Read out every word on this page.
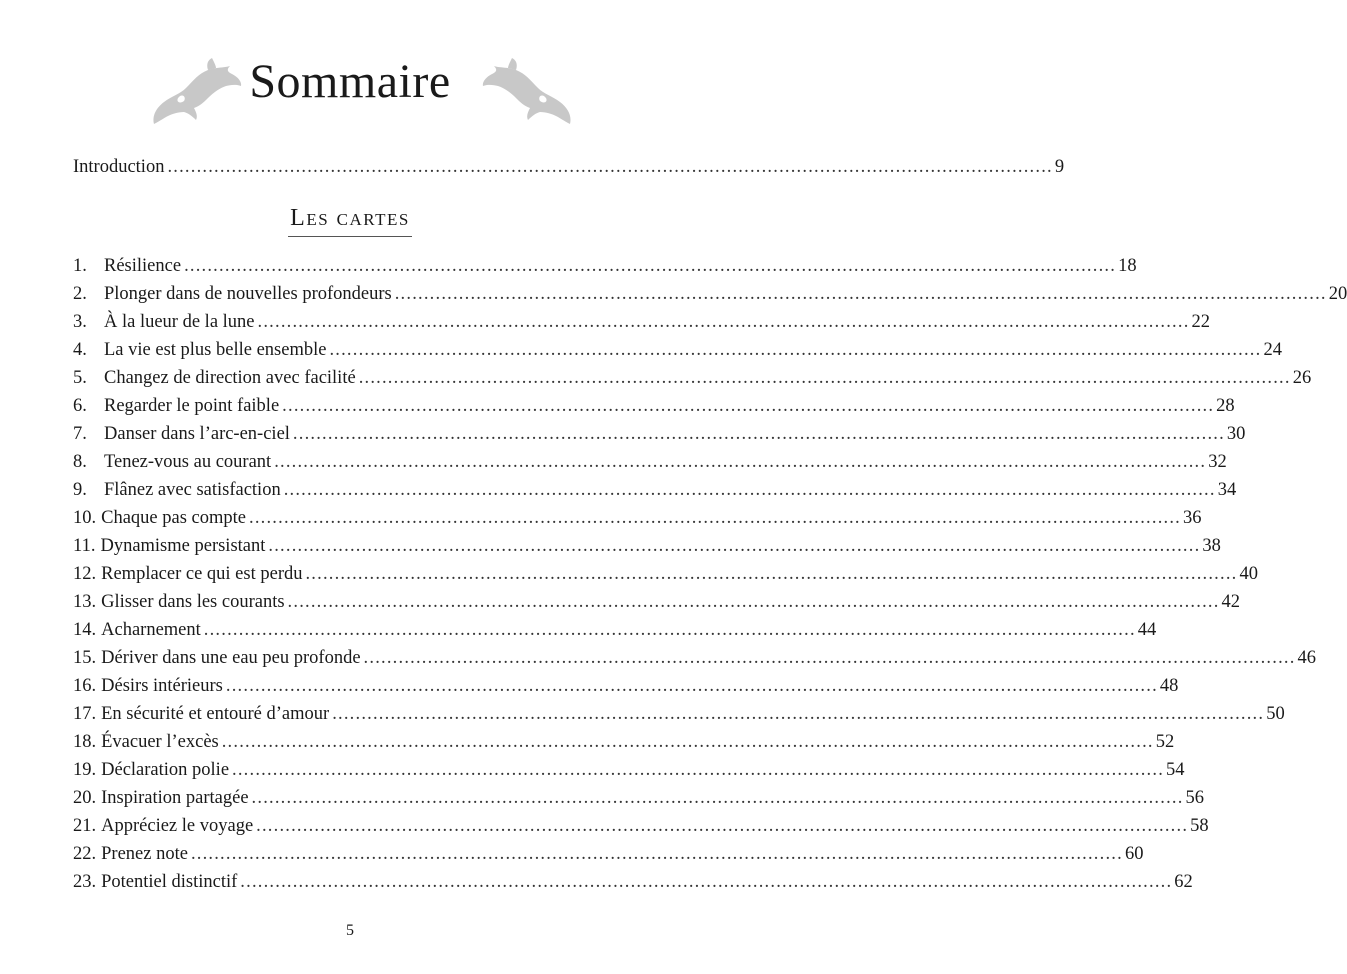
Sommaire
Introduction ........................................................................................................................................................ 9
Les cartes
1. Résilience ................................................................................................................................................................ 18
2. Plonger dans de nouvelles profondeurs ................................................................................................................................................................ 20
3. À la lueur de la lune ................................................................................................................................................................ 22
4. La vie est plus belle ensemble ................................................................................................................................................................ 24
5. Changez de direction avec facilité ................................................................................................................................................................ 26
6. Regarder le point faible ................................................................................................................................................................ 28
7. Danser dans l’arc-en-ciel ................................................................................................................................................................ 30
8. Tenez-vous au courant ................................................................................................................................................................ 32
9. Flânez avec satisfaction ................................................................................................................................................................ 34
10. Chaque pas compte ................................................................................................................................................................ 36
11. Dynamisme persistant ................................................................................................................................................................ 38
12. Remplacer ce qui est perdu ................................................................................................................................................................ 40
13. Glisser dans les courants ................................................................................................................................................................ 42
14. Acharnement ................................................................................................................................................................ 44
15. Dériver dans une eau peu profonde ................................................................................................................................................................ 46
16. Désirs intérieurs ................................................................................................................................................................ 48
17. En sécurité et entouré d’amour ................................................................................................................................................................ 50
18. Évacuer l’excès ................................................................................................................................................................ 52
19. Déclaration polie ................................................................................................................................................................ 54
20. Inspiration partagée ................................................................................................................................................................ 56
21. Appréciez le voyage ................................................................................................................................................................ 58
22. Prenez note ................................................................................................................................................................ 60
23. Potentiel distinctif ................................................................................................................................................................ 62
5
